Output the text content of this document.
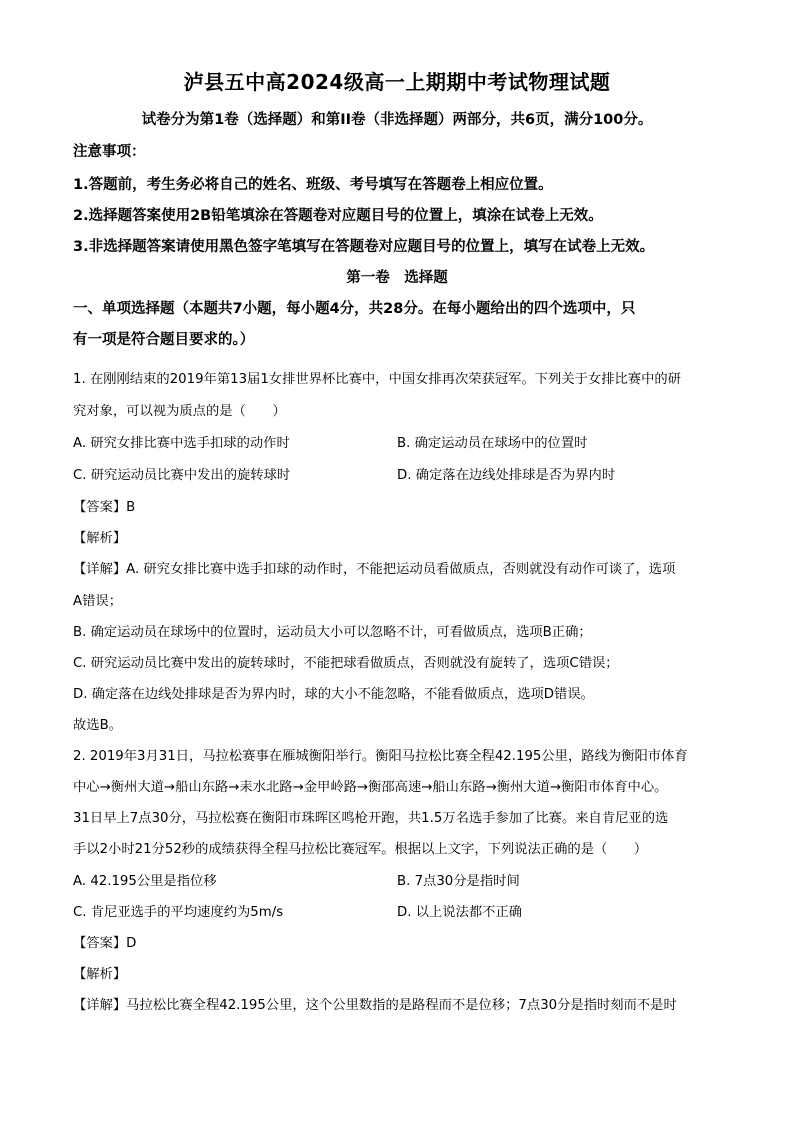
泸县五中高2024级高一上期期中考试物理试题
试卷分为第1卷（选择题）和第II卷（非选择题）两部分，共6页，满分100分。
注意事项：
1.答题前，考生务必将自己的姓名、班级、考号填写在答题卷上相应位置。
2.选择题答案使用2B铅笔填涂在答题卷对应题目号的位置上，填涂在试卷上无效。
3.非选择题答案请使用黑色签字笔填写在答题卷对应题目号的位置上，填写在试卷上无效。
第一卷　选择题
一、单项选择题（本题共7小题，每小题4分，共28分。在每小题给出的四个选项中，只
有一项是符合题目要求的。）
1. 在刚刚结束的2019年第13届1女排世界杯比赛中，中国女排再次荣获冠军。下列关于女排比赛中的研
究对象，可以视为质点的是（　　）
A. 研究女排比赛中选手扣球的动作时	B. 确定运动员在球场中的位置时
C. 研究运动员比赛中发出的旋转球时	D. 确定落在边线处排球是否为界内时
【答案】B
【解析】
【详解】A. 研究女排比赛中选手扣球的动作时，不能把运动员看做质点，否则就没有动作可谈了，选项
A错误；
B. 确定运动员在球场中的位置时，运动员大小可以忽略不计，可看做质点，选项B正确；
C. 研究运动员比赛中发出的旋转球时，不能把球看做质点，否则就没有旋转了，选项C错误；
D. 确定落在边线处排球是否为界内时，球的大小不能忽略，不能看做质点，选项D错误。
故选B。
2. 2019年3月31日，马拉松赛事在雁城衡阳举行。衡阳马拉松比赛全程42.195公里，路线为衡阳市体育
中心→衡州大道→船山东路→耒水北路→金甲岭路→衡邵高速→船山东路→衡州大道→衡阳市体育中心。
31日早上7点30分，马拉松赛在衡阳市珠晖区鸣枪开跑，共1.5万名选手参加了比赛。来自肯尼亚的选
手以2小时21分52秒的成绩获得全程马拉松比赛冠军。根据以上文字，下列说法正确的是（　　）
A. 42.195公里是指位移	B. 7点30分是指时间
C. 肯尼亚选手的平均速度约为5m/s	D. 以上说法都不正确
【答案】D
【解析】
【详解】马拉松比赛全程42.195公里，这个公里数指的是路程而不是位移；7点30分是指时刻而不是时
